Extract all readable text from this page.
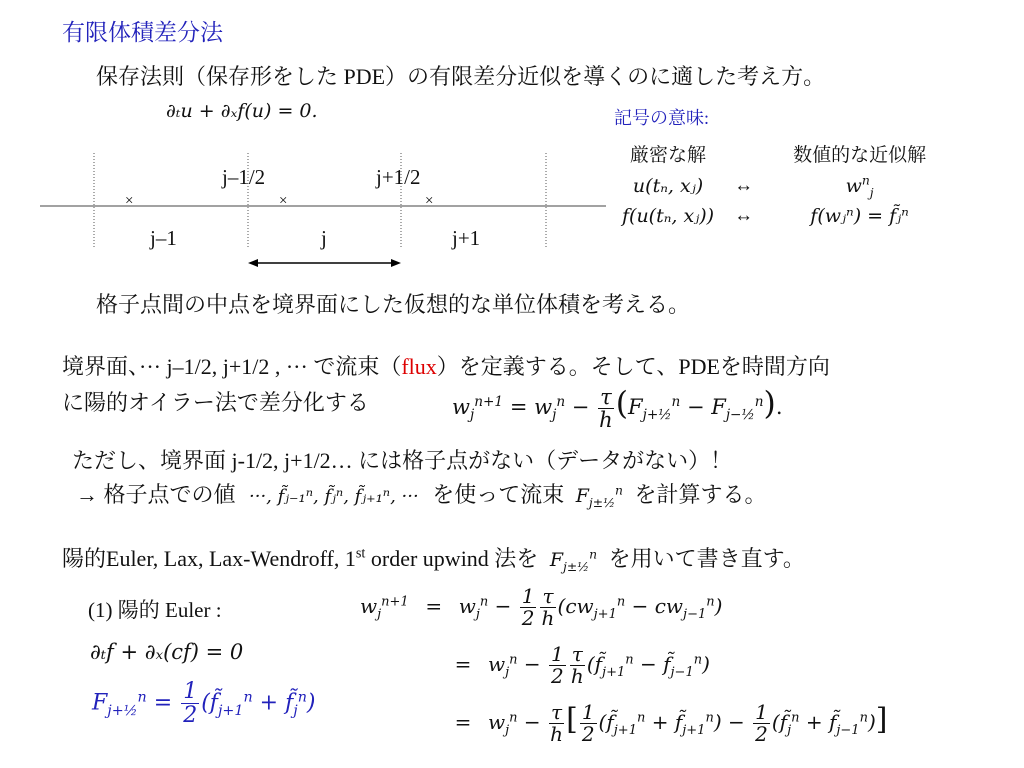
有限体積差分法
保存法則（保存形をした PDE）の有限差分近似を導くのに適した考え方。
∂ₜu + ∂ₓf(u) = 0.	記号の意味:
厳密な解		数値的な近似解
u(tₙ, xⱼ)	↔	$w^n_j$
f(u(tₙ, xⱼ))	↔	f(wⱼⁿ) = f̃ⱼⁿ
×	×	×
j–1/2	j+1/2
j–1	j	j+1
格子点間の中点を境界面にした仮想的な単位体積を考える。
境界面、··· j–1/2, j+1/2 , ··· で流束（flux）を定義する。そして、PDEを時間方向
に陽的オイラー法で差分化する	$w_j^{n+1} = w_j^n - \frac{\tau}{h} (F_{j+\frac{1}{2}}^n - F_{j-\frac{1}{2}}^n)$.
ただし、境界面 j-1/2, j+1/2… には格子点がない（データがない）！
→ 格子点での値 ···, f̃ⱼ₋₁ⁿ, f̃ⱼⁿ, f̃ⱼ₊₁ⁿ, ··· を使って流束 $F_{j\pm\frac{1}{2}}^n$ を計算する。
陽的Euler, Lax, Lax-Wendroff, 1st order upwind 法を $F_{j\pm\frac{1}{2}}^n$ を用いて書き直す。
(1) 陽的 Euler :
∂ₜf + ∂ₓ(cf) = 0
$F_{j+\frac{1}{2}}^n = \frac{1}{2}$ ($f̃_{j+1}^n$ + $f̃_j^n$)
$w_j^{n+1} = w_j^n - \frac{1}{2} \frac{\tau}{h} (cw_{j+1}^n - cw_{j-1}^n)$
= $w_j^n - \frac{1}{2} \frac{\tau}{h}$ ($f̃_{j+1}^n$ − $f̃_{j-1}^n$)
= $w_j^n - \frac{\tau}{h}$ [ $\frac{1}{2}$ ($f̃_{j+1}^n$ + $f̃_{j+1}^n) - \frac{1}{2}$ ($f̃_j^n$ + $f̃_{j-1}^n$)]
